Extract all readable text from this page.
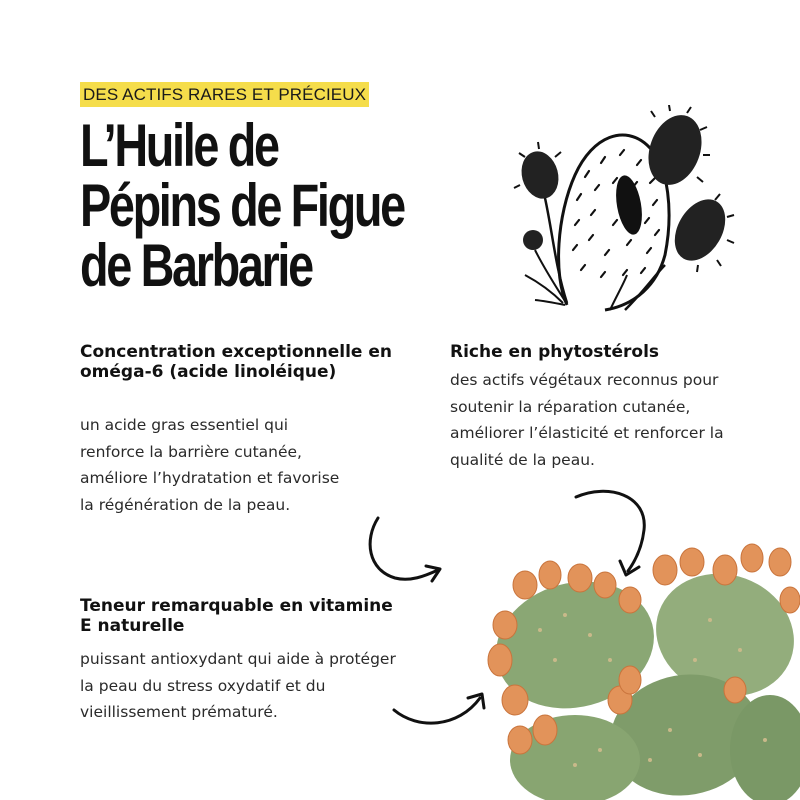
DES ACTIFS RARES ET PRÉCIEUX
L’Huile de
Pépins de Figue
de Barbarie
Concentration exceptionnelle en oméga-6 (acide linoléique)

un acide gras essentiel qui renforce la barrière cutanée, améliore l’hydratation et favorise la régénération de la peau.

Riche en phytostérols

des actifs végétaux reconnus pour soutenir la réparation cutanée, améliorer l’élasticité et renforcer la qualité de la peau.

Teneur remarquable en vitamine E naturelle

puissant antioxydant qui aide à protéger la peau du stress oxydatif et du vieillissement prématuré.
